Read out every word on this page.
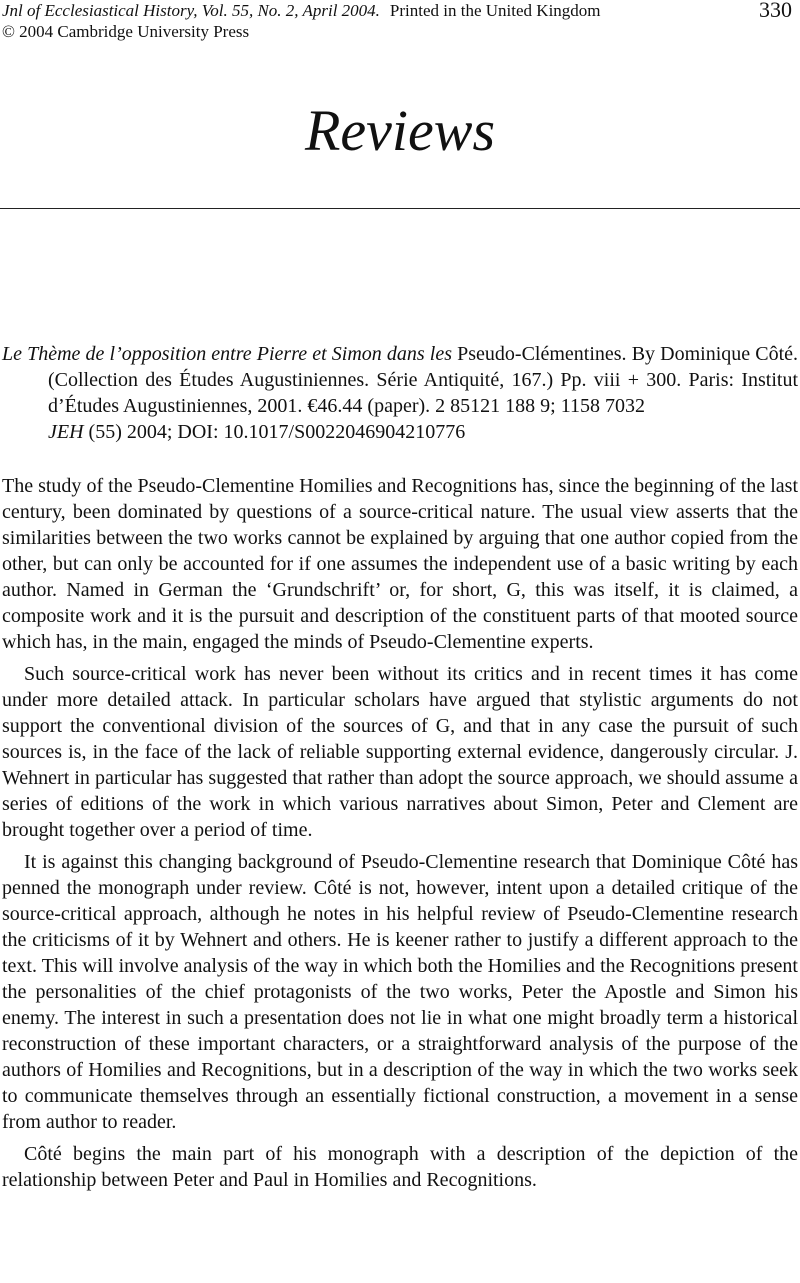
Jnl of Ecclesiastical History, Vol. 55, No. 2, April 2004. Printed in the United Kingdom
© 2004 Cambridge University Press
330
Reviews
Le Thème de l’opposition entre Pierre et Simon dans les Pseudo-Clémentines. By Dominique Côté. (Collection des Études Augustiniennes. Série Antiquité, 167.) Pp. viii + 300. Paris: Institut d’Études Augustiniennes, 2001. €46.44 (paper). 2 85121 188 9; 1158 7032
JEH (55) 2004; DOI: 10.1017/S0022046904210776

The study of the Pseudo-Clementine Homilies and Recognitions has, since the beginning of the last century, been dominated by questions of a source-critical nature. The usual view asserts that the similarities between the two works cannot be explained by arguing that one author copied from the other, but can only be accounted for if one assumes the independent use of a basic writing by each author. Named in German the ‘Grundschrift’ or, for short, G, this was itself, it is claimed, a composite work and it is the pursuit and description of the constituent parts of that mooted source which has, in the main, engaged the minds of Pseudo-Clementine experts.

Such source-critical work has never been without its critics and in recent times it has come under more detailed attack. In particular scholars have argued that stylistic arguments do not support the conventional division of the sources of G, and that in any case the pursuit of such sources is, in the face of the lack of reliable supporting external evidence, dangerously circular. J. Wehnert in particular has suggested that rather than adopt the source approach, we should assume a series of editions of the work in which various narratives about Simon, Peter and Clement are brought together over a period of time.

It is against this changing background of Pseudo-Clementine research that Dominique Côté has penned the monograph under review. Côté is not, however, intent upon a detailed critique of the source-critical approach, although he notes in his helpful review of Pseudo-Clementine research the criticisms of it by Wehnert and others. He is keener rather to justify a different approach to the text. This will involve analysis of the way in which both the Homilies and the Recognitions present the personalities of the chief protagonists of the two works, Peter the Apostle and Simon his enemy. The interest in such a presentation does not lie in what one might broadly term a historical reconstruction of these important characters, or a straightforward analysis of the purpose of the authors of Homilies and Recognitions, but in a description of the way in which the two works seek to communicate themselves through an essentially fictional construction, a movement in a sense from author to reader.

Côté begins the main part of his monograph with a description of the depiction of the relationship between Peter and Paul in Homilies and Recognitions.
